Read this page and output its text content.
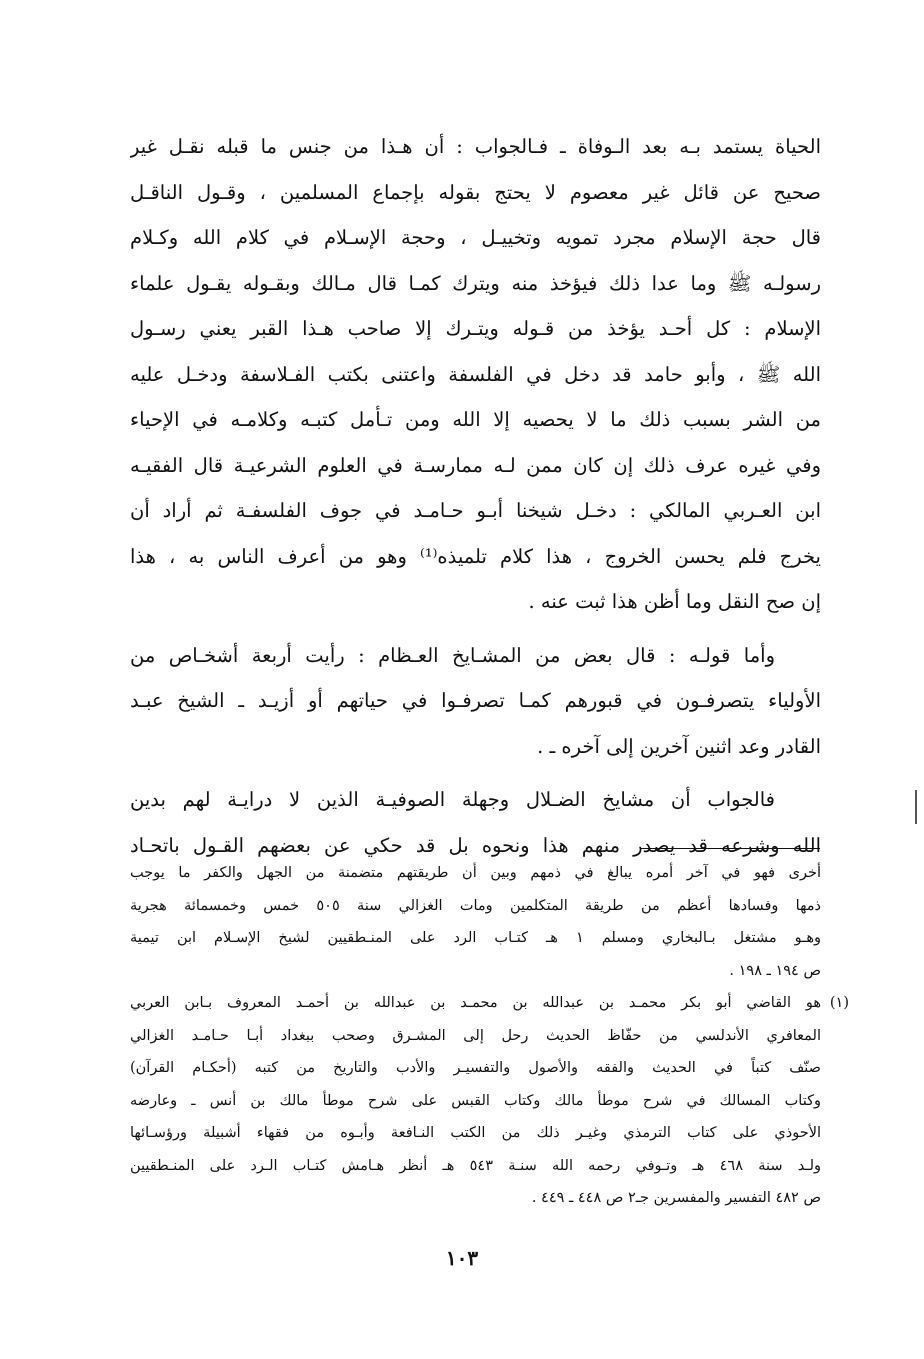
الحياة يستمد بـه بعد الـوفاة ـ فـالجواب : أن هـذا من جنس ما قبله نقـل غير
صحيح عن قائل غير معصوم لا يحتج بقوله بإجماع المسلمين ، وقـول الناقـل
قال حجة الإسلام مجرد تمويه وتخييـل ، وحجة الإسـلام في كلام الله وكـلام
رسولـه ﷺ وما عدا ذلك فيؤخذ منه ويترك كمـا قال مـالك وبقـوله يقـول علماء
الإسلام : كل أحـد يؤخذ من قـوله ويتـرك إلا صاحب هـذا القبر يعني رسـول
الله ﷺ ، وأبو حامد قد دخل في الفلسفة واعتنى بكتب الفـلاسفة ودخـل عليه
من الشر بسبب ذلك ما لا يحصيه إلا الله ومن تـأمل كتبـه وكلامـه في الإحياء
وفي غيره عرف ذلك إن كان ممن لـه ممارسـة في العلوم الشرعيـة قال الفقيـه
ابن العـربي المالكي : دخـل شيخنا أبـو حـامـد في جوف الفلسفـة ثم أراد أن
يخرج فلم يحسن الخروج ، هذا كلام تلميذه⁽¹⁾ وهو من أعرف الناس به ، هذا
إن صح النقل وما أظن هذا ثبت عنه .
وأما قولـه : قال بعض من المشـايخ العـظام : رأيت أربعة أشخـاص من
الأولياء يتصرفـون في قبورهم كمـا تصرفـوا في حياتهم أو أزيـد ـ الشيخ عبـد
القادر وعد اثنين آخرين إلى آخره ـ .
فالجواب أن مشايخ الضـلال وجهلة الصوفيـة الذين لا درايـة لهم بدين
الله وشرعه قد يصدر منهم هذا ونحوه بل قد حكي عن بعضهم القـول باتحـاد
أخرى فهو في آخر أمره يبالغ في ذمهم وبين أن طريقتهم متضمنة من الجهل والكفر ما يوجب
ذمها وفسادها أعظم من طريقة المتكلمين ومات الغزالي سنة ٥٠٥ خمس وخمسمائة هجرية
وهـو مشتغل بـالبخاري ومسلم ١ هـ كتـاب الرد على المنـطقيين لشيخ الإسـلام ابن تيمية
ص ١٩٤ ـ ١٩٨ .
(١)
هو القاضي أبو بكر محمـد بن عبدالله بن محمـد بن عبدالله بن أحمـد المعروف بـابن العربي
المعافري الأندلسي من حفّاظ الحديث رحل إلى المشـرق وصحب ببغداد أبـا حـامـد الغزالي
صنّف كتباً في الحديث والفقه والأصول والتفسيـر والأدب والتاريخ من كتبه (أحكـام القرآن)
وكتاب المسالك في شرح موطأ مالك وكتاب القبس على شرح موطأ مالك بن أنس ـ وعارضه
الأحوذي على كتاب الترمذي وغيـر ذلك من الكتب النـافعة وأبـوه من فقهاء أشبيلة ورؤسـائها
ولـد سنة ٤٦٨ هـ وتـوفي رحمه الله سنـة ٥٤٣ هـ أنظر هـامش كتـاب الـرد على المنـطقيين
ص ٤٨٢ التفسير والمفسرين جـ٢ ص ٤٤٨ ـ ٤٤٩ .
١٠٣
